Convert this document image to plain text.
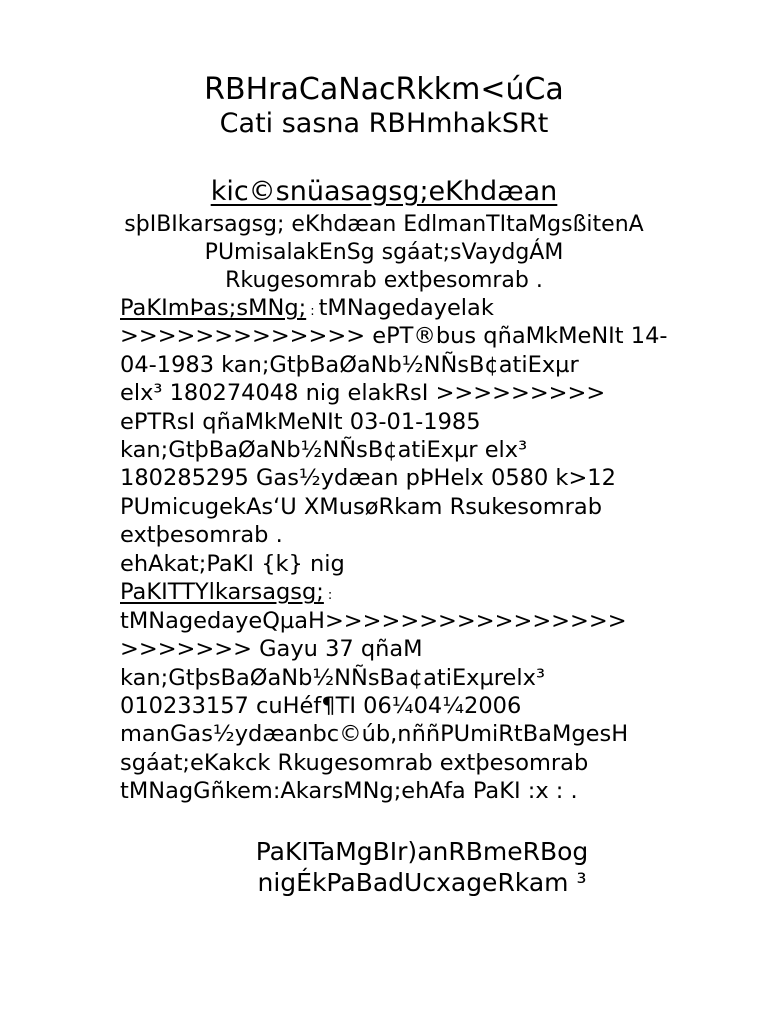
RBHraCaNacRkkm<úCa
Cati sasna RBHmhakSRt
kic©snüasagsg;eKhdæan
sþIBIkarsagsg; eKhdæan EdlmanTItaMgsßitenA
PUmisalakEnSg sgáat;sVaydgÁM
Rkugesomrab extþesomrab .
PaKImÞas;sMNg; : tMNagedayelak
>>>>>>>>>>>>> ePT®bus qñaMkMeNIt 14-
04-1983 kan;GtþBaØaNb½NÑsB¢atiExµr
elx³ 180274048 nig elakRsI >>>>>>>>>
ePTRsI qñaMkMeNIt 03-01-1985
kan;GtþBaØaNb½NÑsB¢atiExµr elx³
180285295 Gas½ydæan pÞHelx 0580 k>12
PUmicugekAs‘U XMusøRkam Rsukesomrab
extþesomrab .
ehAkat;PaKI {k} nig
PaKITTYlkarsagsg; :
tMNagedayeQµaH>>>>>>>>>>>>>>>>
>>>>>>> Gayu 37 qñaM
kan;GtþsBaØaNb½NÑsBa¢atiExµrelx³
010233157 cuHéf¶TI 06¼04¼2006
manGas½ydæanbc©úb,nññPUmiRtBaMgesH
sgáat;eKakck Rkugesomrab extþesomrab
tMNagGñkem:AkarsMNg;ehAfa PaKI :x : .
PaKITaMgBIr)anRBmeRBog
nigÉkPaBadUcxageRkam ³
